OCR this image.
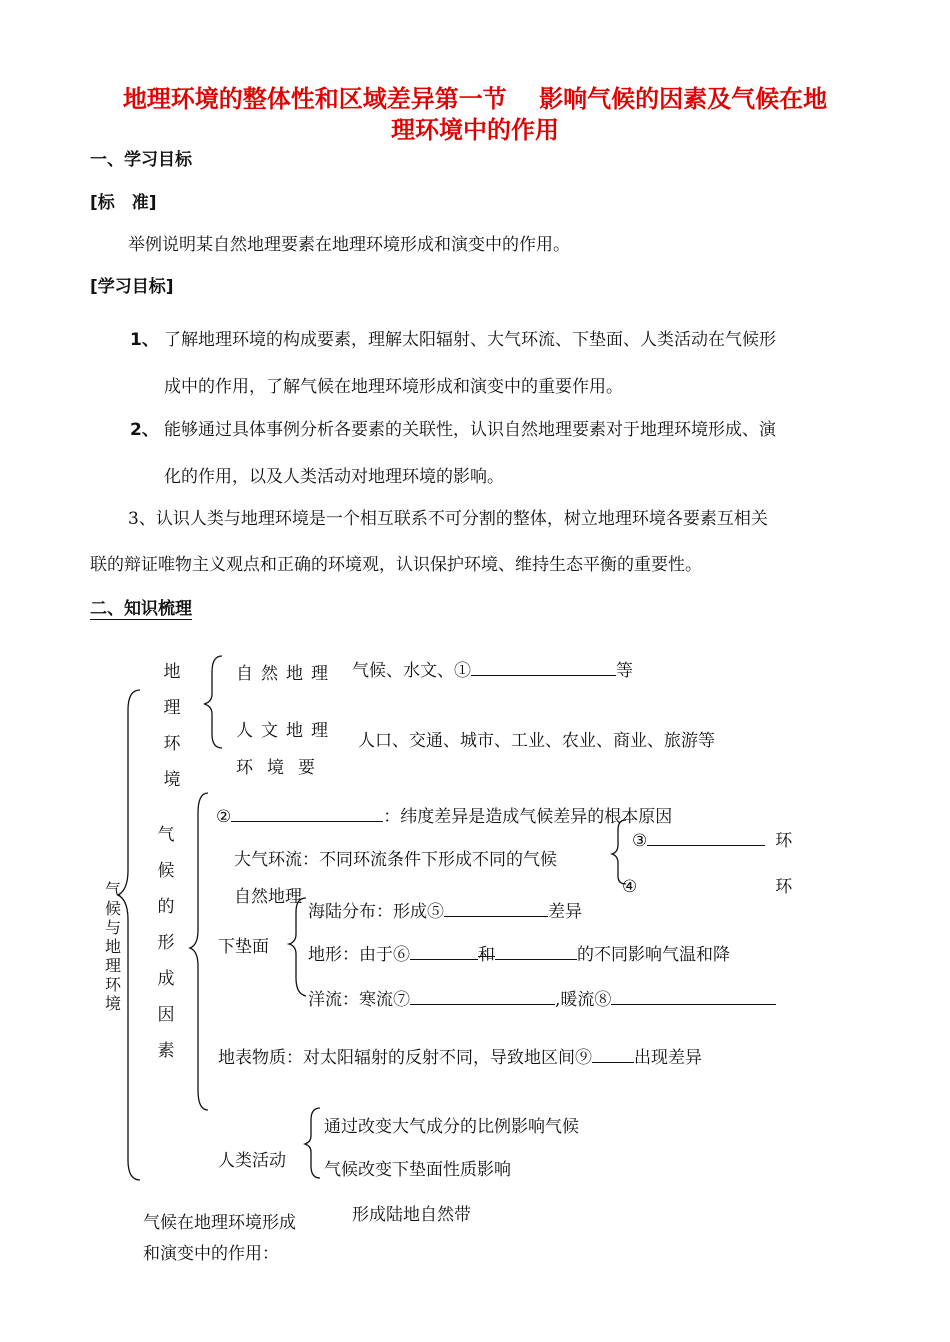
地理环境的整体性和区域差异第一节　 影响气候的因素及气候在地
理环境中的作用
一、学习目标
[标　准]
举例说明某自然地理要素在地理环境形成和演变中的作用。
[学习目标]
1、 了解地理环境的构成要素，理解太阳辐射、大气环流、下垫面、人类活动在气候形
成中的作用，了解气候在地理环境形成和演变中的重要作用。
2、 能够通过具体事例分析各要素的关联性，认识自然地理要素对于地理环境形成、演
化的作用，以及人类活动对地理环境的影响。
3、认识人类与地理环境是一个相互联系不可分割的整体，树立地理环境各要素互相关
联的辩证唯物主义观点和正确的环境观，认识保护环境、维持生态平衡的重要性。
二、知识梳理
气候与地理环境
地理环境
自然地理 气候、水文、①	等
人文地理
环境要
人口、交通、城市、工业、农业、商业、旅游等
气候的形成因素
②	：纬度差异是造成气候差异的根本原因
大气环流：不同环流条件下形成不同的气候
③	环
④	环
自然地理
下垫面
海陆分布：形成⑤	差异
地形：由于⑥	和	的不同影响气温和降
洋流：寒流⑦	,暖流⑧
地表物质：对太阳辐射的反射不同，导致地区间⑨ 出现差异
人类活动
通过改变大气成分的比例影响气候
气候改变下垫面性质影响
气候在地理环境形成
和演变中的作用：
形成陆地自然带
